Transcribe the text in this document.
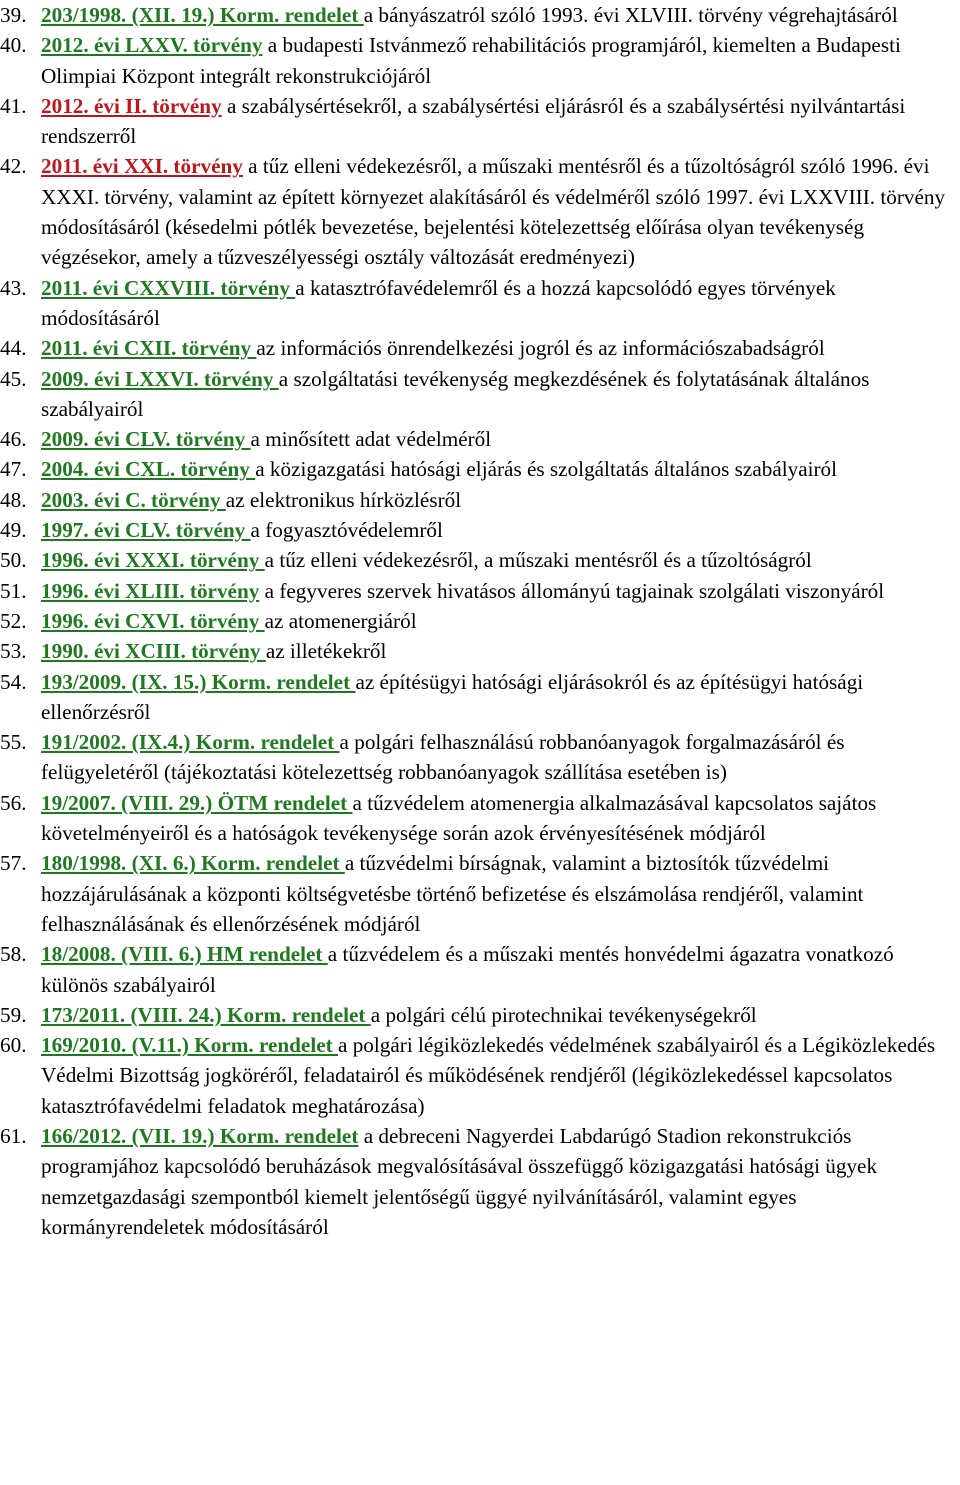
39. 203/1998. (XII. 19.) Korm. rendelet a bányászatról szóló 1993. évi XLVIII. törvény végrehajtásáról
40. 2012. évi LXXV. törvény a budapesti Istvánmező rehabilitációs programjáról, kiemelten a Budapesti Olimpiai Központ integrált rekonstrukciójáról
41. 2012. évi II. törvény a szabálysértésekről, a szabálysértési eljárásról és a szabálysértési nyilvántartási rendszerről
42. 2011. évi XXI. törvény a tűz elleni védekezésről, a műszaki mentésről és a tűzoltóságról szóló 1996. évi XXXI. törvény, valamint az épített környezet alakításáról és védelméről szóló 1997. évi LXXVIII. törvény módosításáról (késedelmi pótlék bevezetése, bejelentési kötelezettség előírása olyan tevékenység végzésekor, amely a tűzveszélyességi osztály változását eredményezi)
43. 2011. évi CXXVIII. törvény a katasztrófavédelemről és a hozzá kapcsolódó egyes törvények módosításáról
44. 2011. évi CXII. törvény az információs önrendelkezési jogról és az információszabadságról
45. 2009. évi LXXVI. törvény a szolgáltatási tevékenység megkezdésének és folytatásának általános szabályairól
46. 2009. évi CLV. törvény a minősített adat védelméről
47. 2004. évi CXL. törvény a közigazgatási hatósági eljárás és szolgáltatás általános szabályairól
48. 2003. évi C. törvény az elektronikus hírközlésről
49. 1997. évi CLV. törvény a fogyasztóvédelemről
50. 1996. évi XXXI. törvény a tűz elleni védekezésről, a műszaki mentésről és a tűzoltóságról
51. 1996. évi XLIII. törvény a fegyveres szervek hivatásos állományú tagjainak szolgálati viszonyáról
52. 1996. évi CXVI. törvény az atomenergiáról
53. 1990. évi XCIII. törvény az illetékekről
54. 193/2009. (IX. 15.) Korm. rendelet az építésügyi hatósági eljárásokról és az építésügyi hatósági ellenőrzésről
55. 191/2002. (IX.4.) Korm. rendelet a polgári felhasználású robbanóanyagok forgalmazásáról és felügyeletéről (tájékoztatási kötelezettség robbanóanyagok szállítása esetében is)
56. 19/2007. (VIII. 29.) ÖTM rendelet a tűzvédelem atomenergia alkalmazásával kapcsolatos sajátos követelményeiről és a hatóságok tevékenysége során azok érvényesítésének módjáról
57. 180/1998. (XI. 6.) Korm. rendelet a tűzvédelmi bírságnak, valamint a biztosítók tűzvédelmi hozzájárulásának a központi költségvetésbe történő befizetése és elszámolása rendjéről, valamint felhasználásának és ellenőrzésének módjáról
58. 18/2008. (VIII. 6.) HM rendelet a tűzvédelem és a műszaki mentés honvédelmi ágazatra vonatkozó különös szabályairól
59. 173/2011. (VIII. 24.) Korm. rendelet a polgári célú pirotechnikai tevékenységekről
60. 169/2010. (V.11.) Korm. rendelet a polgári légiközlekedés védelmének szabályairól és a Légiközlekedés Védelmi Bizottság jogköréről, feladatairól és működésének rendjéről (légiközlekedéssel kapcsolatos katasztrófavédelmi feladatok meghatározása)
61. 166/2012. (VII. 19.) Korm. rendelet a debreceni Nagyerdei Labdarúgó Stadion rekonstrukciós programjához kapcsolódó beruházások megvalósításával összefüggő közigazgatási hatósági ügyek nemzetgazdasági szempontból kiemelt jelentőségű üggyé nyilvánításáról, valamint egyes kormányrendeletek módosításáról
